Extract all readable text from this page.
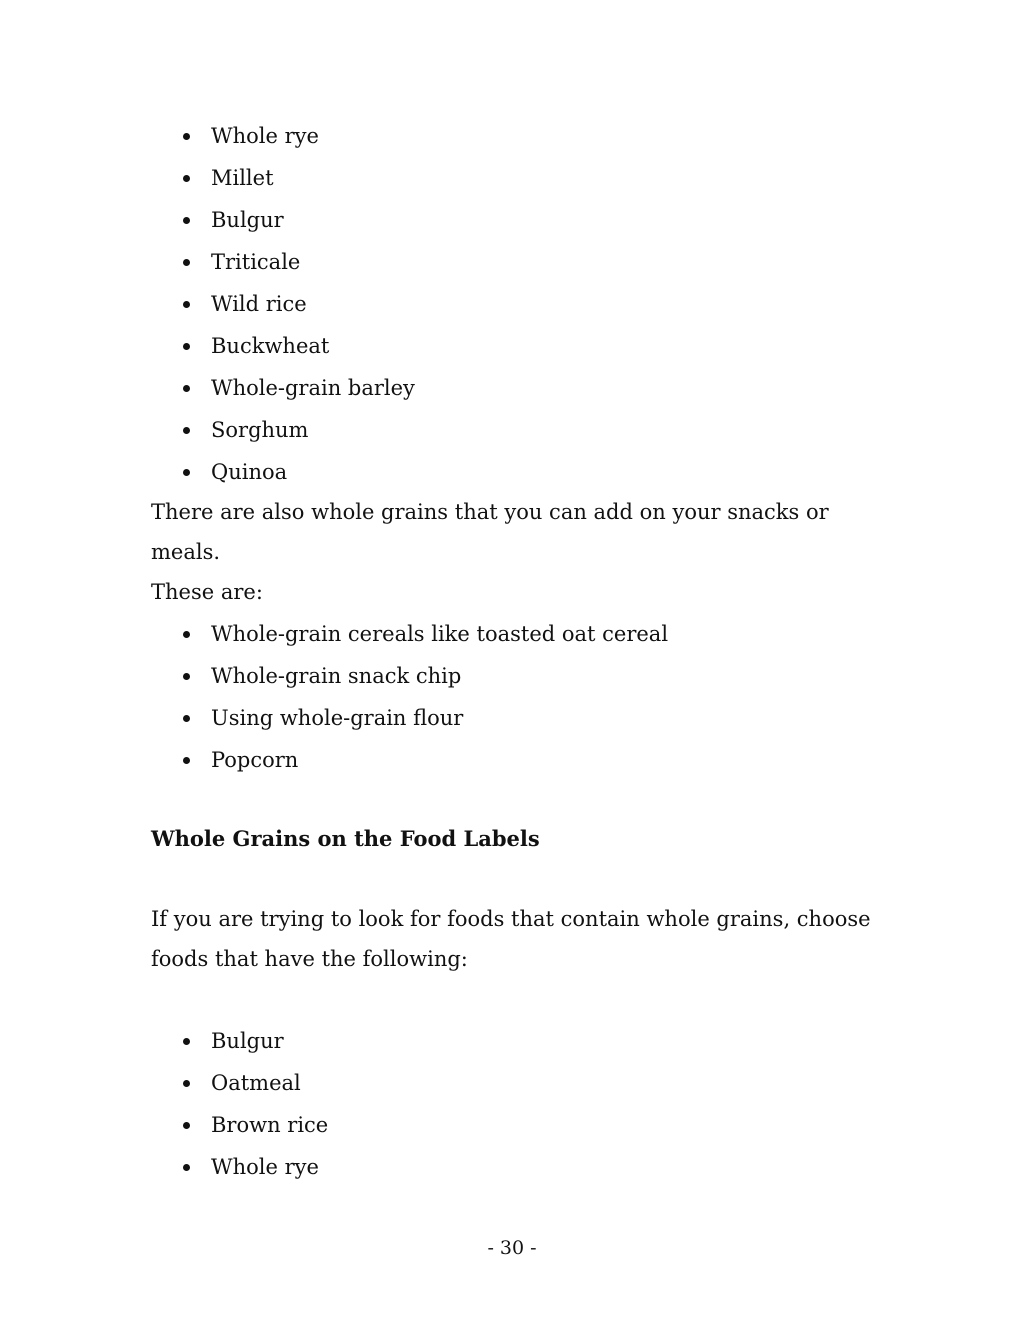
Whole rye
Millet
Bulgur
Triticale
Wild rice
Buckwheat
Whole-grain barley
Sorghum
Quinoa

There are also whole grains that you can add on your snacks or meals.
These are:

Whole-grain cereals like toasted oat cereal
Whole-grain snack chip
Using whole-grain flour
Popcorn
Whole Grains on the Food Labels

If you are trying to look for foods that contain whole grains, choose
foods that have the following:

Bulgur
Oatmeal
Brown rice
Whole rye
- 30 -
